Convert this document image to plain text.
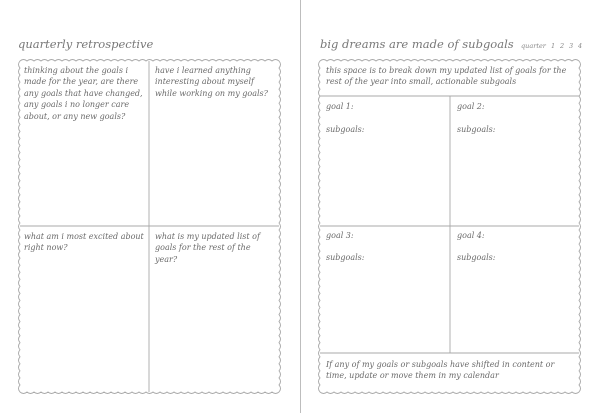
quarterly retrospective
thinking about the goals i made for the year, are there any goals that have changed, any goals i no longer care about, or any new goals?
have i learned anything interesting about myself while working on my goals?
what am i most excited about right now?
what is my updated list of goals for the rest of the year?
big dreams are made of subgoals quarter 1 2 3 4
this space is to break down my updated list of goals for the rest of the year into small, actionable subgoals
goal 1:
subgoals:
goal 2:
subgoals:
goal 3:
subgoals:
goal 4:
subgoals:
If any of my goals or subgoals have shifted in content or time, update or move them in my calendar
